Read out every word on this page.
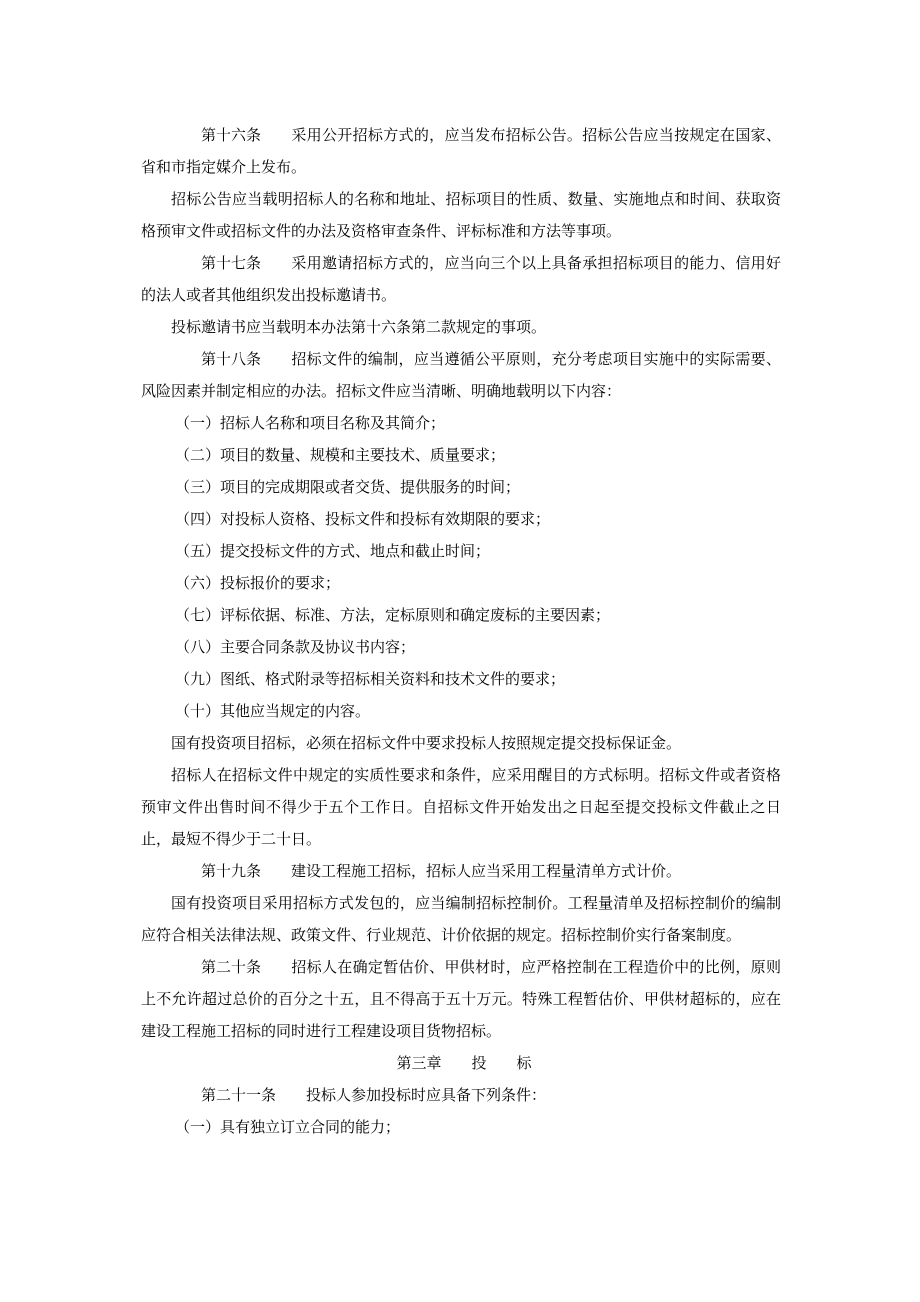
第十六条 采用公开招标方式的，应当发布招标公告。招标公告应当按规定在国家、省和市指定媒介上发布。

招标公告应当载明招标人的名称和地址、招标项目的性质、数量、实施地点和时间、获取资格预审文件或招标文件的办法及资格审查条件、评标标准和方法等事项。

第十七条 采用邀请招标方式的，应当向三个以上具备承担招标项目的能力、信用好的法人或者其他组织发出投标邀请书。

投标邀请书应当载明本办法第十六条第二款规定的事项。

第十八条 招标文件的编制，应当遵循公平原则，充分考虑项目实施中的实际需要、风险因素并制定相应的办法。招标文件应当清晰、明确地载明以下内容：

（一）招标人名称和项目名称及其简介；

（二）项目的数量、规模和主要技术、质量要求；

（三）项目的完成期限或者交货、提供服务的时间；

（四）对投标人资格、投标文件和投标有效期限的要求；

（五）提交投标文件的方式、地点和截止时间；

（六）投标报价的要求；

（七）评标依据、标准、方法，定标原则和确定废标的主要因素；

（八）主要合同条款及协议书内容；

（九）图纸、格式附录等招标相关资料和技术文件的要求；

（十）其他应当规定的内容。

国有投资项目招标，必须在招标文件中要求投标人按照规定提交投标保证金。

招标人在招标文件中规定的实质性要求和条件，应采用醒目的方式标明。招标文件或者资格预审文件出售时间不得少于五个工作日。自招标文件开始发出之日起至提交投标文件截止之日止，最短不得少于二十日。

第十九条 建设工程施工招标，招标人应当采用工程量清单方式计价。

国有投资项目采用招标方式发包的，应当编制招标控制价。工程量清单及招标控制价的编制应符合相关法律法规、政策文件、行业规范、计价依据的规定。招标控制价实行备案制度。

第二十条 招标人在确定暂估价、甲供材时，应严格控制在工程造价中的比例，原则上不允许超过总价的百分之十五，且不得高于五十万元。特殊工程暂估价、甲供材超标的，应在建设工程施工招标的同时进行工程建设项目货物招标。

第三章 投 标

第二十一条 投标人参加投标时应具备下列条件：

（一）具有独立订立合同的能力；
